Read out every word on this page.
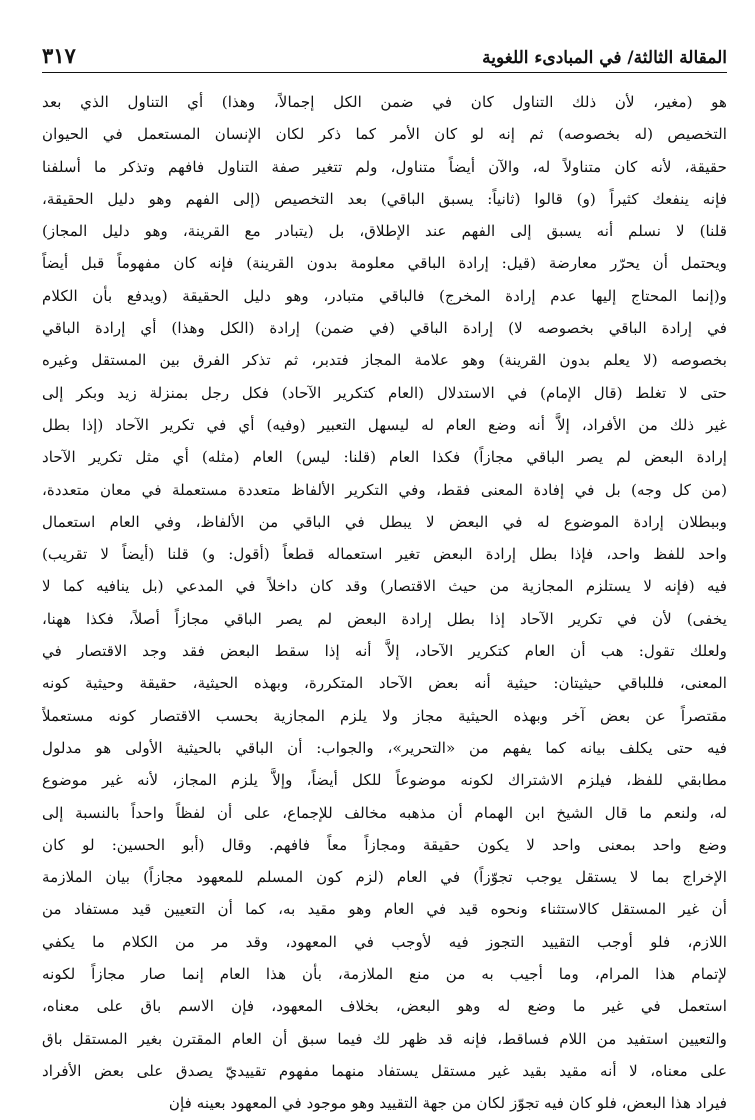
المقالة الثالثة/ في المبادىء اللغوية
٣١٧
هو (مغير، لأن ذلك التناول كان في ضمن الكل إجمالاً، وهذا) أي التناول الذي بعد
التخصيص (له بخصوصه) ثم إنه لو كان الأمر كما ذكر لكان الإنسان المستعمل في الحيوان
حقيقة، لأنه كان متناولاً له، والآن أيضاً متناول، ولم تتغير صفة التناول فافهم وتذكر ما أسلفنا
فإنه ينفعك كثيراً (و) قالوا (ثانياً: يسبق الباقي) بعد التخصيص (إلى الفهم وهو دليل الحقيقة،
قلنا) لا نسلم أنه يسبق إلى الفهم عند الإطلاق، بل (يتبادر مع القرينة، وهو دليل المجاز)
ويحتمل أن يحرّر معارضة (قيل: إرادة الباقي معلومة بدون القرينة) فإنه كان مفهوماً قبل أيضاً
و(إنما المحتاج إليها عدم إرادة المخرج) فالباقي متبادر، وهو دليل الحقيقة (ويدفع بأن الكلام
في إرادة الباقي بخصوصه لا) إرادة الباقي (في ضمن) إرادة (الكل وهذا) أي إرادة الباقي
بخصوصه (لا يعلم بدون القرينة) وهو علامة المجاز فتدبر، ثم تذكر الفرق بين المستقل وغيره
حتى لا تغلط (قال الإمام) في الاستدلال (العام كتكرير الآحاد) فكل رجل بمنزلة زيد وبكر إلى
غير ذلك من الأفراد، إلاَّ أنه وضع العام له ليسهل التعبير (وفيه) أي في تكرير الآحاد (إذا بطل
إرادة البعض لم يصر الباقي مجازاً) فكذا العام (قلنا: ليس) العام (مثله) أي مثل تكرير الآحاد
(من كل وجه) بل في إفادة المعنى فقط، وفي التكرير الألفاظ متعددة مستعملة في معان متعددة،
وببطلان إرادة الموضوع له في البعض لا يبطل في الباقي من الألفاظ، وفي العام استعمال
واحد للفظ واحد، فإذا بطل إرادة البعض تغير استعماله قطعاً (أقول: و) قلنا (أيضاً لا تقريب)
فيه (فإنه لا يستلزم المجازية من حيث الاقتصار) وقد كان داخلاً في المدعي (بل ينافيه كما لا
يخفى) لأن في تكرير الآحاد إذا بطل إرادة البعض لم يصر الباقي مجازاً أصلاً، فكذا ههنا،
ولعلك تقول: هب أن العام كتكرير الآحاد، إلاَّ أنه إذا سقط البعض فقد وجد الاقتصار في
المعنى، فللباقي حيثيتان: حيثية أنه بعض الآحاد المتكررة، وبهذه الحيثية، حقيقة وحيثية كونه
مقتصراً عن بعض آخر وبهذه الحيثية مجاز ولا يلزم المجازية بحسب الاقتصار كونه مستعملاً
فيه حتى يكلف بيانه كما يفهم من «التحرير»، والجواب: أن الباقي بالحيثية الأولى هو مدلول
مطابقي للفظ، فيلزم الاشتراك لكونه موضوعاً للكل أيضاً، وإلاَّ يلزم المجاز، لأنه غير موضوع
له، ولنعم ما قال الشيخ ابن الهمام أن مذهبه مخالف للإجماع، على أن لفظاً واحداً بالنسبة إلى
وضع واحد بمعنى واحد لا يكون حقيقة ومجازاً معاً فافهم. وقال (أبو الحسين: لو كان
الإخراج بما لا يستقل يوجب تجوّزاً) في العام (لزم كون المسلم للمعهود مجازاً) بيان الملازمة
أن غير المستقل كالاستثناء ونحوه قيد في العام وهو مقيد به، كما أن التعيين قيد مستفاد من
اللازم، فلو أوجب التقييد التجوز فيه لأوجب في المعهود، وقد مر من الكلام ما يكفي
لإتمام هذا المرام، وما أجيب به من منع الملازمة، بأن هذا العام إنما صار مجازاً لكونه
استعمل في غير ما وضع له وهو البعض، بخلاف المعهود، فإن الاسم باق على معناه،
والتعيين استفيد من اللام فساقط، فإنه قد ظهر لك فيما سبق أن العام المقترن بغير المستقل باق
على معناه، لا أنه مقيد بقيد غير مستقل يستفاد منهما مفهوم تقييديّ يصدق على بعض الأفراد
فيراد هذا البعض، فلو كان فيه تجوّز لكان من جهة التقييد وهو موجود في المعهود بعينه فإن
